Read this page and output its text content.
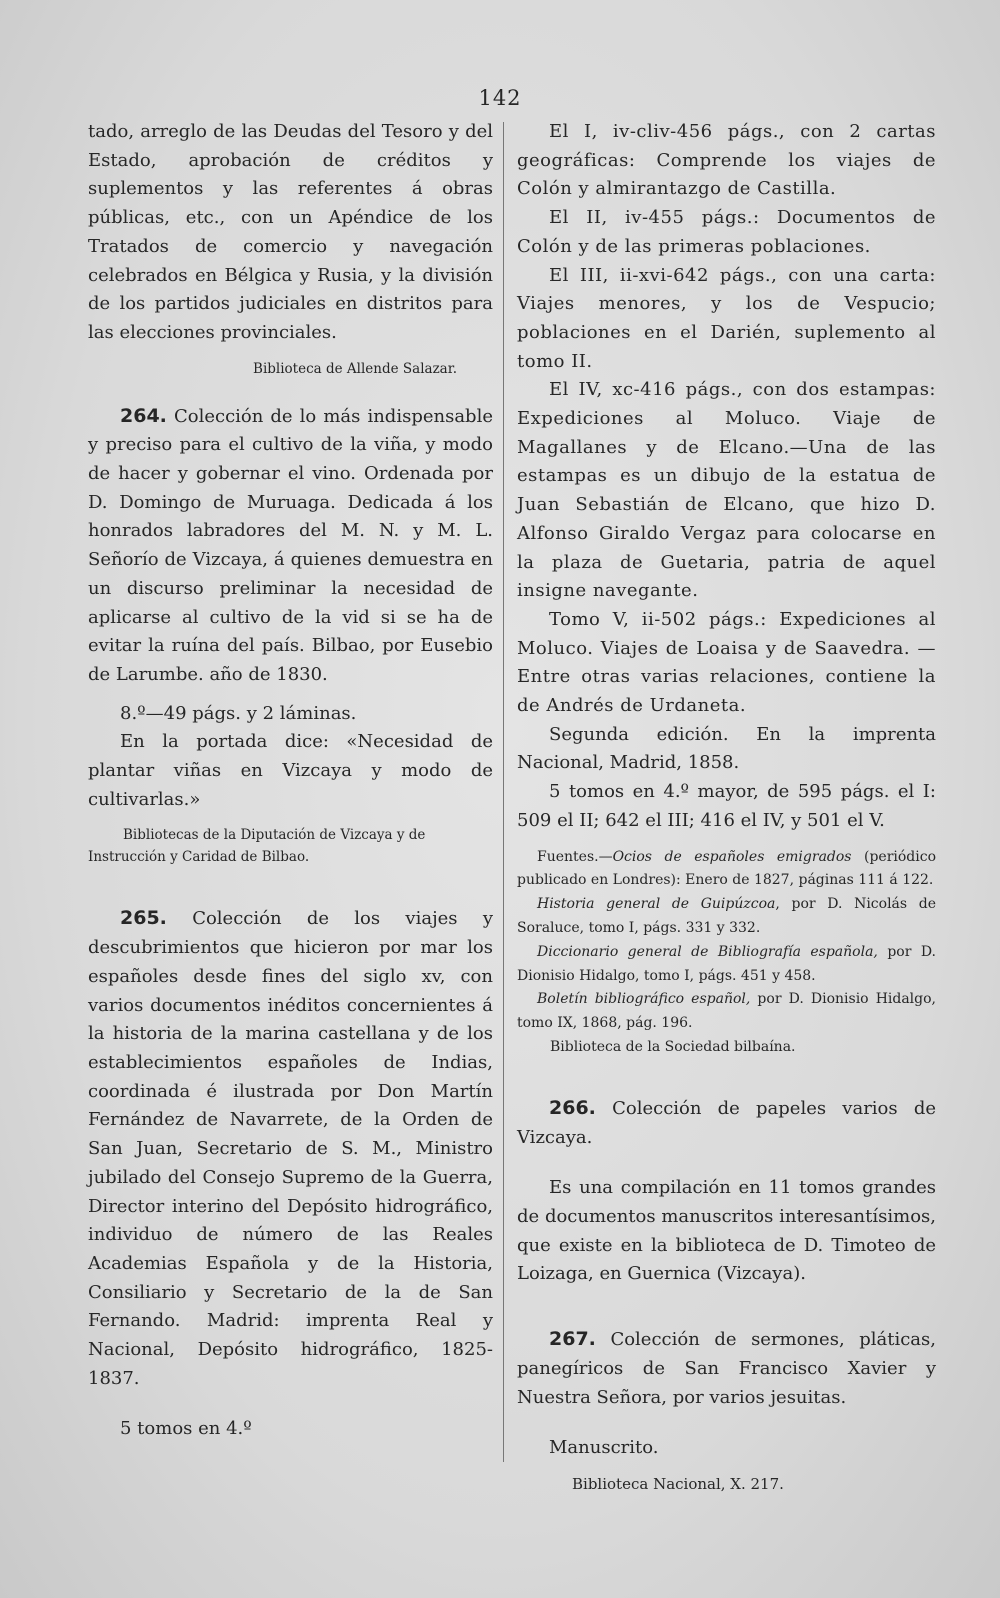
142

tado, arreglo de las Deudas del Tesoro y del Estado, aprobación de créditos y suplementos y las referentes á obras públicas, etc., con un Apéndice de los Tratados de comercio y navegación celebrados en Bélgica y Rusia, y la división de los partidos judiciales en distritos para las elecciones provinciales.

Biblioteca de Allende Salazar.

264. Colección de lo más indispensable y preciso para el cultivo de la viña, y modo de hacer y gobernar el vino. Ordenada por D. Domingo de Muruaga. Dedicada á los honrados labradores del M. N. y M. L. Señorío de Vizcaya, á quienes demuestra en un discurso preliminar la necesidad de aplicarse al cultivo de la vid si se ha de evitar la ruína del país. Bilbao, por Eusebio de Larumbe. año de 1830.

8.º—49 págs. y 2 láminas.

En la portada dice: «Necesidad de plantar viñas en Vizcaya y modo de cultivarlas.»

Bibliotecas de la Diputación de Vizcaya y de Instrucción y Caridad de Bilbao.

265. Colección de los viajes y descubrimientos que hicieron por mar los españoles desde fines del siglo xv, con varios documentos inéditos concernientes á la historia de la marina castellana y de los establecimientos españoles de Indias, coordinada é ilustrada por Don Martín Fernández de Navarrete, de la Orden de San Juan, Secretario de S. M., Ministro jubilado del Consejo Supremo de la Guerra, Director interino del Depósito hidrográfico, individuo de número de las Reales Academias Española y de la Historia, Consiliario y Secretario de la de San Fernando. Madrid: imprenta Real y Nacional, Depósito hidrográfico, 1825-1837.

5 tomos en 4.º

El I, iv-cliv-456 págs., con 2 cartas geográficas: Comprende los viajes de Colón y almirantazgo de Castilla.

El II, iv-455 págs.: Documentos de Colón y de las primeras poblaciones.

El III, ii-xvi-642 págs., con una carta: Viajes menores, y los de Vespucio; poblaciones en el Darién, suplemento al tomo II.

El IV, xc-416 págs., con dos estampas: Expediciones al Moluco. Viaje de Magallanes y de Elcano.—Una de las estampas es un dibujo de la estatua de Juan Sebastián de Elcano, que hizo D. Alfonso Giraldo Vergaz para colocarse en la plaza de Guetaria, patria de aquel insigne navegante.

Tomo V, ii-502 págs.: Expediciones al Moluco. Viajes de Loaisa y de Saavedra. —Entre otras varias relaciones, contiene la de Andrés de Urdaneta.

Segunda edición. En la imprenta Nacional, Madrid, 1858.

5 tomos en 4.º mayor, de 595 págs. el I: 509 el II; 642 el III; 416 el IV, y 501 el V.

Fuentes.—Ocios de españoles emigrados (periódico publicado en Londres): Enero de 1827, páginas 111 á 122.

Historia general de Guipúzcoa, por D. Nicolás de Soraluce, tomo I, págs. 331 y 332.

Diccionario general de Bibliografía española, por D. Dionisio Hidalgo, tomo I, págs. 451 y 458.

Boletín bibliográfico español, por D. Dionisio Hidalgo, tomo IX, 1868, pág. 196.

Biblioteca de la Sociedad bilbaína.

266. Colección de papeles varios de Vizcaya.

Es una compilación en 11 tomos grandes de documentos manuscritos interesantísimos, que existe en la biblioteca de D. Timoteo de Loizaga, en Guernica (Vizcaya).

267. Colección de sermones, pláticas, panegíricos de San Francisco Xavier y Nuestra Señora, por varios jesuitas.

Manuscrito.

Biblioteca Nacional, X. 217.
